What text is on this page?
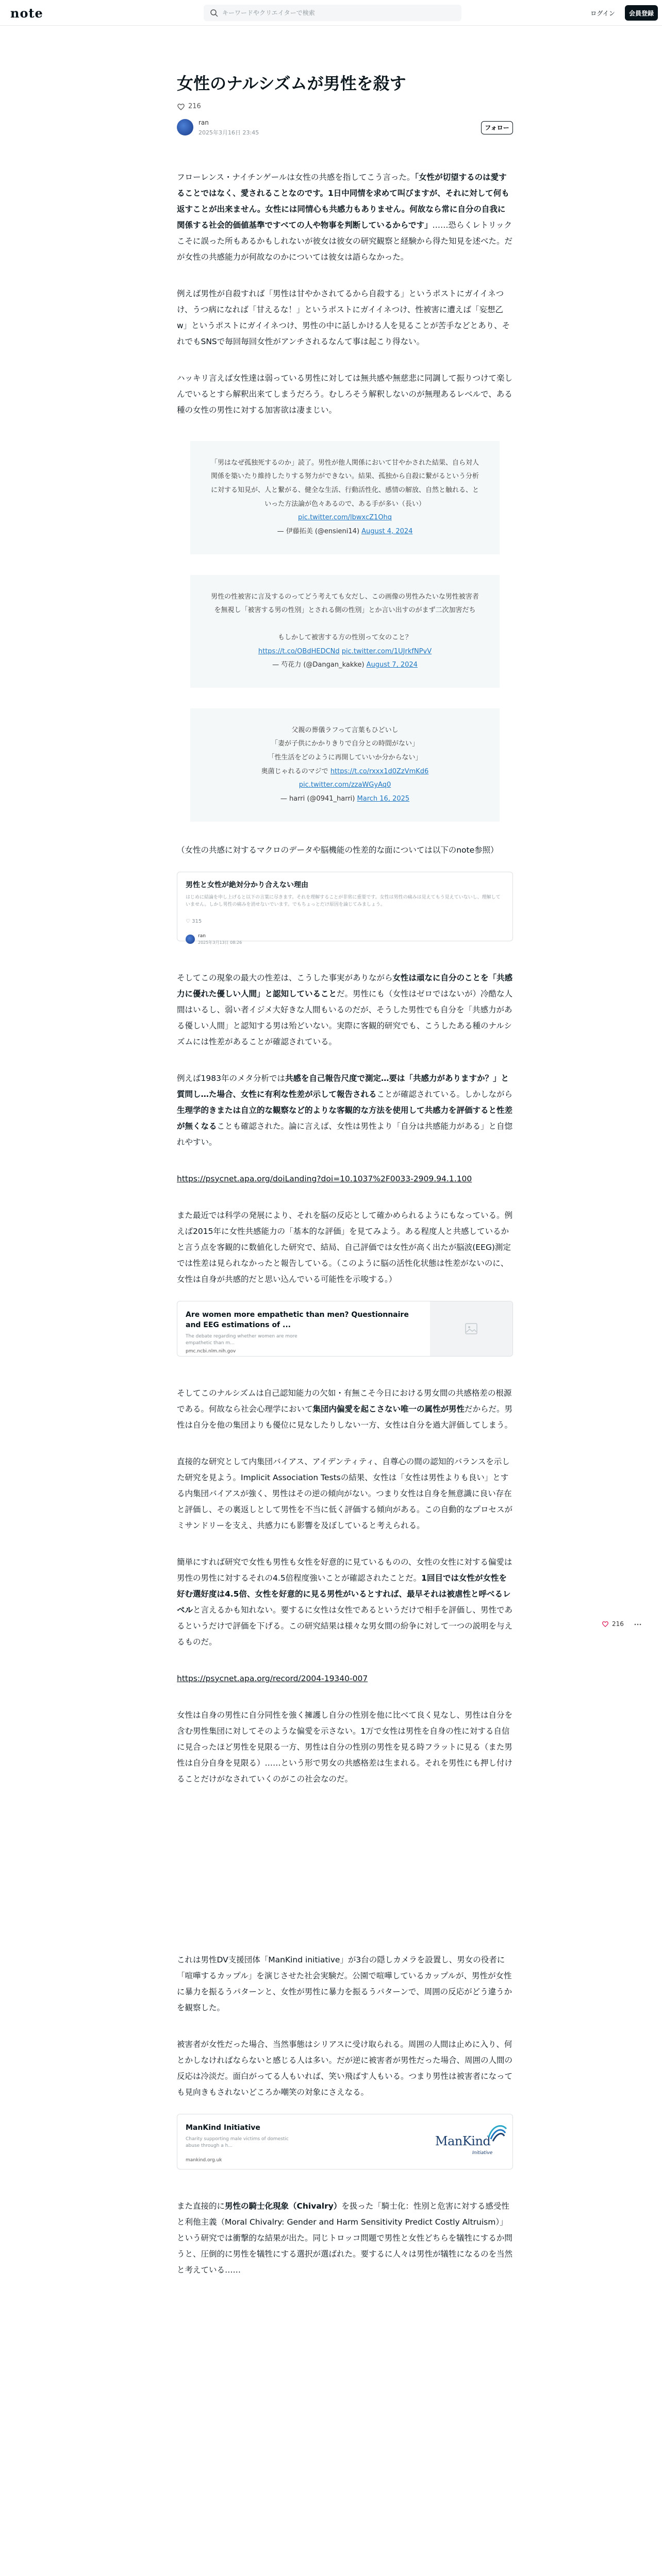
note
キーワードやクリエイターで検索	ログイン	会員登録
女性のナルシズムが男性を殺す
216
ran
2025年3月16日 23:45
フォロー

フローレンス・ナイチンゲールは女性の共感を指してこう言った。「女性が切望するのは愛することではなく、愛されることなのです。1日中同情を求めて叫びますが、それに対して何も返すことが出来ません。女性には同情心も共感力もありません。何故なら常に自分の自我に関係する社会的価値基準ですべての人や物事を判断しているからです」……恐らくレトリックこそに誤った所もあるかもしれないが彼女は彼女の研究観察と経験から得た知見を述べた。だが女性の共感能力が何故なのかについては彼女は語らなかった。

例えば男性が自殺すれば「男性は甘やかされてるから自殺する」というポストにガイイネつけ、うつ病になれば「甘えるな！」というポストにガイイネつけ、性被害に遭えば「妄想乙w」というポストにガイイネつけ、男性の中に話しかける人を見ることが苦手などとあり、それでもSNSで毎回毎回女性がアンチされるなんて事は起こり得ない。

ハッキリ言えば女性達は弱っている男性に対しては無共感や無慈悲に同調して振りつけて楽しんでいるとすら解釈出来てしまうだろう。むしろそう解釈しないのが無理あるレベルで、ある種の女性の男性に対する加害欲は凄まじい。

「男はなぜ孤独死するのか」読了。男性が他人関係において甘やかされた結果、自ら対人関係を築いたり維持したりする努力ができない。結果、孤独から自殺に繋がるという分析に対する知見が、人と繋がる、健全な生活、行動活性化、感情の解放、自然と触れる、といった方法論が色々あるので、ある手が多い（長い）
pic.twitter.com/lbwxcZ1Ohq
— 伊藤拓美 (@ensieni14) August 4, 2024
男性の性被害に言及するのってどう考えても女だし、この画像の男性みたいな男性被害者を無視し「被害する男の性別」とされる側の性別」とか言い出すのがまず二次加害だち
もしかして被害する方の性別って女のこと？
https://t.co/OBdHEDCNd pic.twitter.com/1UJrkfNPvV
— 芍花力 (@Dangan_kakke) August 7, 2024
父親の葬儀ラフって言葉もひどいし
「妻が子供にかかりきりで自分との時間がない」
「性生活をどのように再開していいか分からない」
奥菌じゃれるのマジで https://t.co/rxxx1d0ZzVmKd6
pic.twitter.com/zzaWGyAq0
— harri (@0941_harri) March 16, 2025

（女性の共感に対するマクロのデータや脳機能の性差的な面については以下のnote参照）

男性と女性が絶対分かり合えない理由
はじめに結論を申し上げると以下の言葉に尽きます。それを理解することが非常に重要です。女性は男性の痛みは見えてもう見えていないし、理解していません。しかし男性の痛みを消せないでいます。でもちょっとだけ原因を論じてみましょう。
♡ 315
ran
2025年3月13日 08:26

そしてこの現象の最大の性差は、こうした事実がありながら女性は頑なに自分のことを「共感力に優れた優しい人間」と認知していることだ。男性にも（女性はゼロではないが）冷酷な人間はいるし、弱い者イジメ大好きな人間もいるのだが、そうした男性でも自分を「共感力がある優しい人間」と認知する男は殆どいない。実際に客観的研究でも、こうしたある種のナルシズムには性差があることが確認されている。

例えば1983年のメタ分析では共感を自己報告尺度で測定…要は「共感力がありますか？」と質問し…た場合、女性に有利な性差が示して報告されることが確認されている。しかしながら生理学的きまたは自立的な観察など的よりな客観的な方法を使用して共感力を評価すると性差が無くなることも確認された。論に言えば、女性は男性より「自分は共感能力がある」と自惚れやすい。

https://psycnet.apa.org/doiLanding?doi=10.1037%2F0033-2909.94.1.100

また最近では科学の発展により、それを脳の反応として確かめられるようにもなっている。例えば2015年に女性共感能力の「基本的な評価」を見てみよう。ある程度人と共感しているかと言う点を客観的に数値化した研究で、結局、自己評価では女性が高く出たが脳波(EEG)測定では性差は見られなかったと報告している。（このように脳の活性化状態は性差がないのに、女性は自身が共感的だと思い込んでいる可能性を示唆する。）

Are women more empathetic than men? Questionnaire and EEG estimations of ...
The debate regarding whether women are more empathetic than m...
pmc.ncbi.nlm.nih.gov

そしてこのナルシズムは自己認知能力の欠如・有無こそ今日における男女間の共感格差の根源である。何故なら社会心理学において集団内偏愛を起こさない唯一の属性が男性だからだ。男性は自分を他の集団よりも優位に見なしたりしない一方、女性は自分を過大評価してしまう。

直接的な研究として内集団バイアス、アイデンティティ、自尊心の間の認知的バランスを示した研究を見よう。Implicit Association Testsの結果、女性は「女性は男性よりも良い」とする内集団バイアスが強く、男性はその逆の傾向がない。つまり女性は自身を無意識に良い存在と評価し、その裏返しとして男性を不当に低く評価する傾向がある。この自動的なプロセスがミサンドリーを支え、共感力にも影響を及ぼしていると考えられる。

簡単にすれば研究で女性も男性も女性を好意的に見ているものの、女性の女性に対する偏愛は男性の男性に対するそれの4.5倍程度強いことが確認されたことだ。1回目では女性が女性を好む選好度は4.5倍、女性を好意的に見る男性がいるとすれば、最早それは被虐性と呼べるレベルと言えるかも知れない。要するに女性は女性であるというだけで相手を評価し、男性であるというだけで評価を下げる。この研究結果は様々な男女間の紛争に対して一つの説明を与えるものだ。

https://psycnet.apa.org/record/2004-19340-007

女性は自身の男性に自分同性を強く擁護し自分の性別を他に比べて良く見なし、男性は自分を含む男性集団に対してそのような偏愛を示さない。1万で女性は男性を自身の性に対する自信に見合ったほど男性を見限る一方、男性は自分の性別の男性を見る時フラットに見る（また男性は自分自身を見限る）……という形で男女の共感格差は生まれる。それを男性にも押し付けることだけがなされていくのがこの社会なのだ。

これは男性DV支援団体「ManKind initiative」が3台の隠しカメラを設置し、男女の役者に「喧嘩するカップル」を演じさせた社会実験だ。公園で喧嘩しているカップルが、男性が女性に暴力を振るうパターンと、女性が男性に暴力を振るうパターンで、周囲の反応がどう違うかを観察した。

被害者が女性だった場合、当然事態はシリアスに受け取られる。周囲の人間は止めに入り、何とかしなければならないと感じる人は多い。だが逆に被害者が男性だった場合、周囲の人間の反応は冷淡だ。面白がってる人もいれば、笑い飛ばす人もいる。つまり男性は被害者になっても見向きもされないどころか嘲笑の対象にさえなる。

ManKind Initiative
Charity supporting male victims of domestic abuse through a h...
mankind.org.uk
ManKind
Initiative

また直接的に男性の騎士化現象（Chivalry）を扱った「騎士化：性別と危害に対する感受性と利他主義（Moral Chivalry: Gender and Harm Sensitivity Predict Costly Altruism）」という研究では衝撃的な結果が出た。同じトロッコ問題で男性と女性どちらを犠牲にするか問うと、圧倒的に男性を犠牲にする選択が選ばれた。要するに人々は男性が犠牲になるのを当然と考えている……

216
